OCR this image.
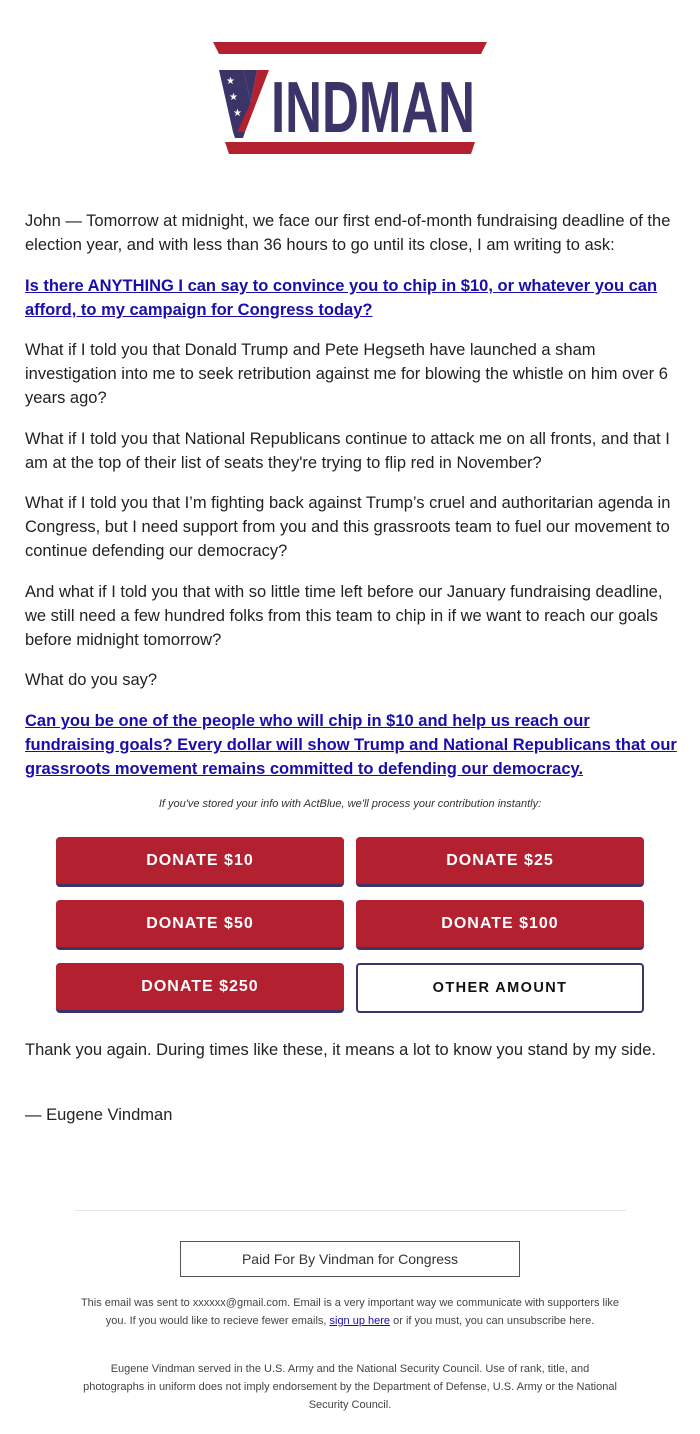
★
★
★ INDMAN

John — Tomorrow at midnight, we face our first end-of-month fundraising deadline of the election year, and with less than 36 hours to go until its close, I am writing to ask:

Is there ANYTHING I can say to convince you to chip in $10, or whatever you can afford, to my campaign for Congress today?

What if I told you that Donald Trump and Pete Hegseth have launched a sham investigation into me to seek retribution against me for blowing the whistle on him over 6 years ago?

What if I told you that National Republicans continue to attack me on all fronts, and that I am at the top of their list of seats they're trying to flip red in November?

What if I told you that I’m fighting back against Trump’s cruel and authoritarian agenda in Congress, but I need support from you and this grassroots team to fuel our movement to continue defending our democracy?

And what if I told you that with so little time left before our January fundraising deadline, we still need a few hundred folks from this team to chip in if we want to reach our goals before midnight tomorrow?

What do you say?

Can you be one of the people who will chip in $10 and help us reach our fundraising goals? Every dollar will show Trump and National Republicans that our grassroots movement remains committed to defending our democracy.

Thank you again. During times like these, it means a lot to know you stand by my side.

— Eugene Vindman

If you've stored your info with ActBlue, we'll process your contribution instantly:
DONATE $10	DONATE $25
DONATE $50	DONATE $100
DONATE $250	OTHER AMOUNT
Paid For By Vindman for Congress
This email was sent to xxxxxx@gmail.com. Email is a very important way we communicate with supporters like you. If you would like to recieve fewer emails, sign up here or if you must, you can unsubscribe here.
Eugene Vindman served in the U.S. Army and the National Security Council. Use of rank, title, and photographs in uniform does not imply endorsement by the Department of Defense, U.S. Army or the National Security Council.
